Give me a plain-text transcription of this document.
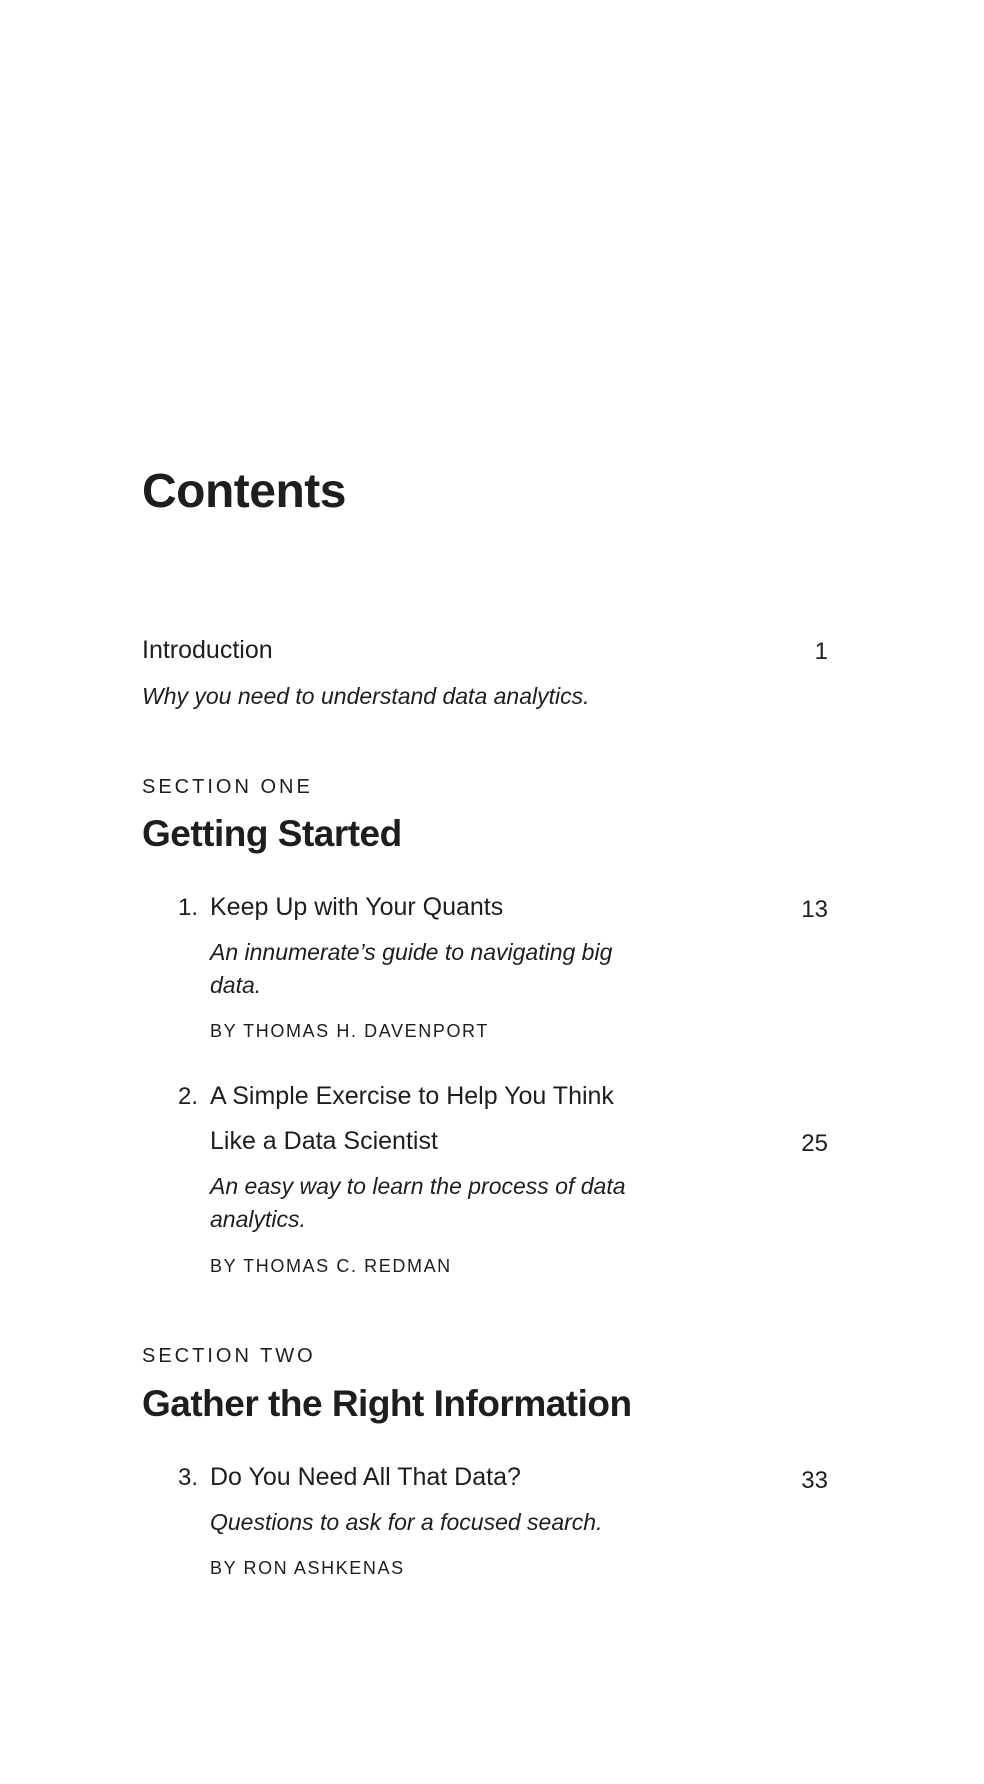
Contents
Introduction	1
Why you need to understand data analytics.
SECTION ONE
Getting Started
1. Keep Up with Your Quants	13
An innumerate’s guide to navigating big data.
BY THOMAS H. DAVENPORT
2. A Simple Exercise to Help You Think
Like a Data Scientist	25
An easy way to learn the process of data analytics.
BY THOMAS C. REDMAN
SECTION TWO
Gather the Right Information
3. Do You Need All That Data?	33
Questions to ask for a focused search.
BY RON ASHKENAS
